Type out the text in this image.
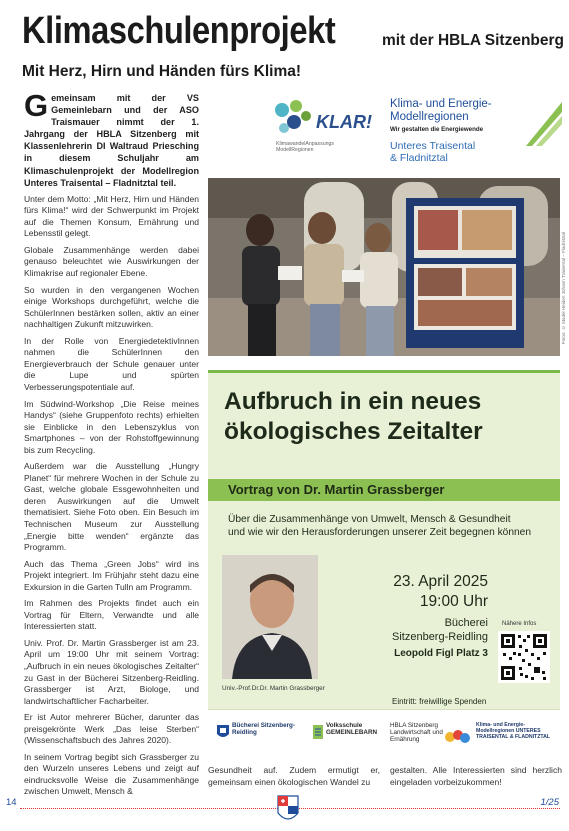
Klimaschulenprojekt	mit der HBLA Sitzenberg
Mit Herz, Hirn und Händen fürs Klima!

Gemeinsam mit der VS Gemeinlebarn und der ASO Traismauer nimmt der 1. Jahrgang der HBLA Sitzenberg mit Klassenlehrerin DI Waltraud Priesching in diesem Schuljahr am Klimaschulenprojekt der Modellregion Unteres Traisental – Fladnitztal teil.

Unter dem Motto: „Mit Herz, Hirn und Händen fürs Klima!“ wird der Schwerpunkt im Projekt auf die Themen Konsum, Ernährung und Lebensstil gelegt.

Globale Zusammenhänge werden dabei genauso beleuchtet wie Auswirkungen der Klimakrise auf regionaler Ebene.

So wurden in den vergangenen Wochen einige Workshops durchgeführt, welche die SchülerInnen bestärken sollen, aktiv an einer nachhaltigen Zukunft mitzuwirken.

In der Rolle von EnergiedetektivInnen nahmen die SchülerInnen den Energieverbrauch der Schule genauer unter die Lupe und spürten Verbesserungspotentiale auf.

Im Südwind-Workshop „Die Reise meines Handys“ (siehe Gruppenfoto rechts) erhielten sie Einblicke in den Lebenszyklus von Smartphones – von der Rohstoffgewinnung bis zum Recycling.

Außerdem war die Ausstellung „Hungry Planet“ für mehrere Wochen in der Schule zu Gast, welche globale Essgewohnheiten und deren Auswirkungen auf die Umwelt thematisiert. Siehe Foto oben. Ein Besuch im Technischen Museum zur Ausstellung „Energie bitte wenden“ ergänzte das Programm.

Auch das Thema „Green Jobs“ wird ins Projekt integriert. Im Frühjahr steht dazu eine Exkursion in die Garten Tulln am Programm.

Im Rahmen des Projekts findet auch ein Vortrag für Eltern, Verwandte und alle Interessierten statt.

Univ. Prof. Dr. Martin Grassberger ist am 23. April um 19:00 Uhr mit seinem Vortrag: „Aufbruch in ein neues ökologisches Zeitalter“ zu Gast in der Bücherei Sitzenberg-Reidling. Grassberger ist Arzt, Biologe, und landwirtschaftlicher Facharbeiter.

Er ist Autor mehrerer Bücher, darunter das preisgekrönte Werk „Das leise Sterben“ (Wissenschaftsbuch des Jahres 2020).

In seinem Vortrag begibt sich Grassberger zu den Wurzeln unseres Lebens und zeigt auf eindrucksvolle Weise die Zusammenhänge zwischen Umwelt, Mensch &

KLAR!
KlimawandelAnpassungs ModellRegionen
Klima- und Energie-
Modellregionen
Wir gestalten die Energiewende
Unteres Traisental
& Fladnitztal
Fotos: © Model Heiden Johann Traisental – Fladnitztal
Aufbruch in ein neues
ökologisches Zeitalter
Vortrag von Dr. Martin Grassberger
Über die Zusammenhänge von Umwelt, Mensch & Gesundheit
und wie wir den Herausforderungen unserer Zeit begegnen können
Univ.-Prof.Dr.Dr. Martin Grassberger
23. April 2025
19:00 Uhr
Bücherei
Sitzenberg-Reidling
Leopold Figl Platz 3
Nähere Infos
Eintritt: freiwillige Spenden
Bücherei Sitzenberg-Reidling
Volksschule GEMEINLEBARN
HBLA Sitzenberg Landwirtschaft und Ernährung
Klima- und Energie-Modellregionen UNTERES TRAISENTAL & FLADNITZTAL
Gesundheit auf. Zudem ermutigt er, gemeinsam einen ökologischen Wandel zu
gestalten. Alle Interessierten sind herzlich eingeladen vorbeizukommen!
14	1/25
